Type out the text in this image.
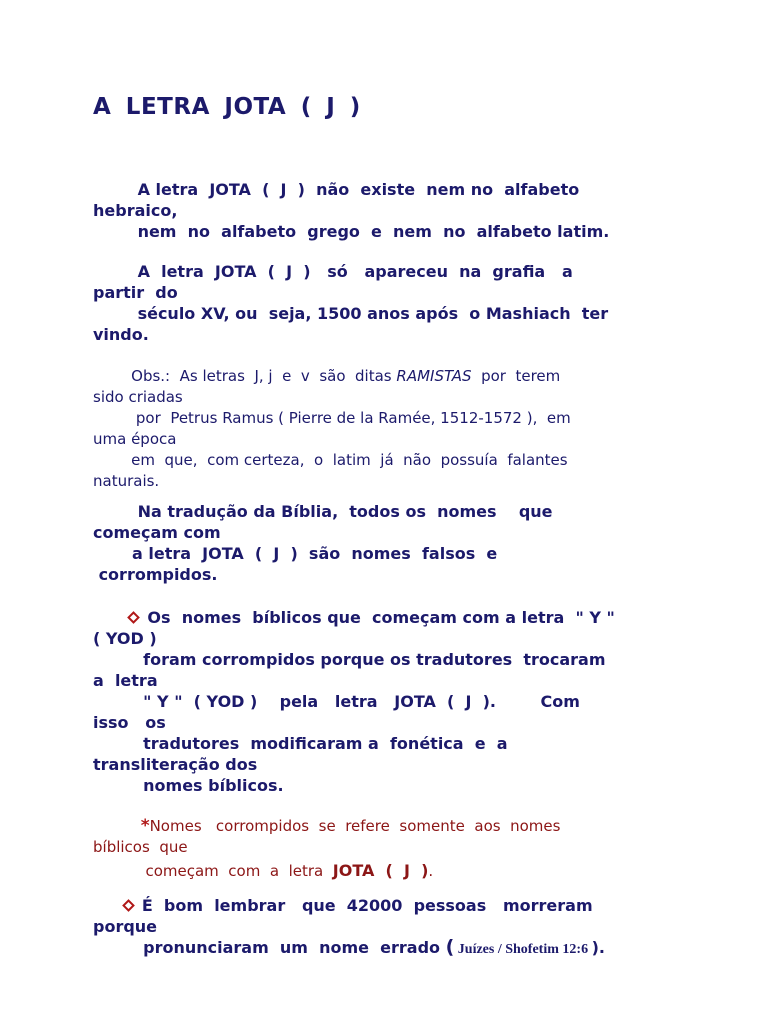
A LETRA JOTA ( J )
A letra  JOTA  (  J  )  não  existe  nem no  alfabeto
hebraico,
nem  no  alfabeto  grego  e  nem  no  alfabeto latim.
A  letra  JOTA  (  J  )   só   apareceu  na  grafia   a
partir  do
século XV, ou  seja, 1500 anos após  o Mashiach  ter
vindo.
Obs.:  As letras  J, j  e  v  são  ditas RAMISTAS  por  terem
sido criadas
por  Petrus Ramus ( Pierre de la Ramée, 1512-1572 ),  em
uma época
em  que,  com certeza,  o  latim  já  não  possuía  falantes
naturais.
Na tradução da Bíblia,  todos os  nomes    que
começam com
a letra  JOTA  (  J  )  são  nomes  falsos  e
corrompidos.
Os  nomes  bíblicos que  começam com a letra  " Y "
( YOD )
foram corrompidos porque os tradutores  trocaram
a  letra
" Y "  ( YOD )    pela   letra   JOTA  (  J  ).        Com
isso   os
tradutores  modificaram a  fonética  e  a
transliteração dos
nomes bíblicos.
*Nomes   corrompidos  se  refere  somente  aos  nomes
bíblicos  que
começam  com  a  letra  JOTA  (  J  ).
É  bom  lembrar   que  42000  pessoas   morreram
porque
pronunciaram  um  nome  errado ( Juízes / Shofetim 12:6 ).
